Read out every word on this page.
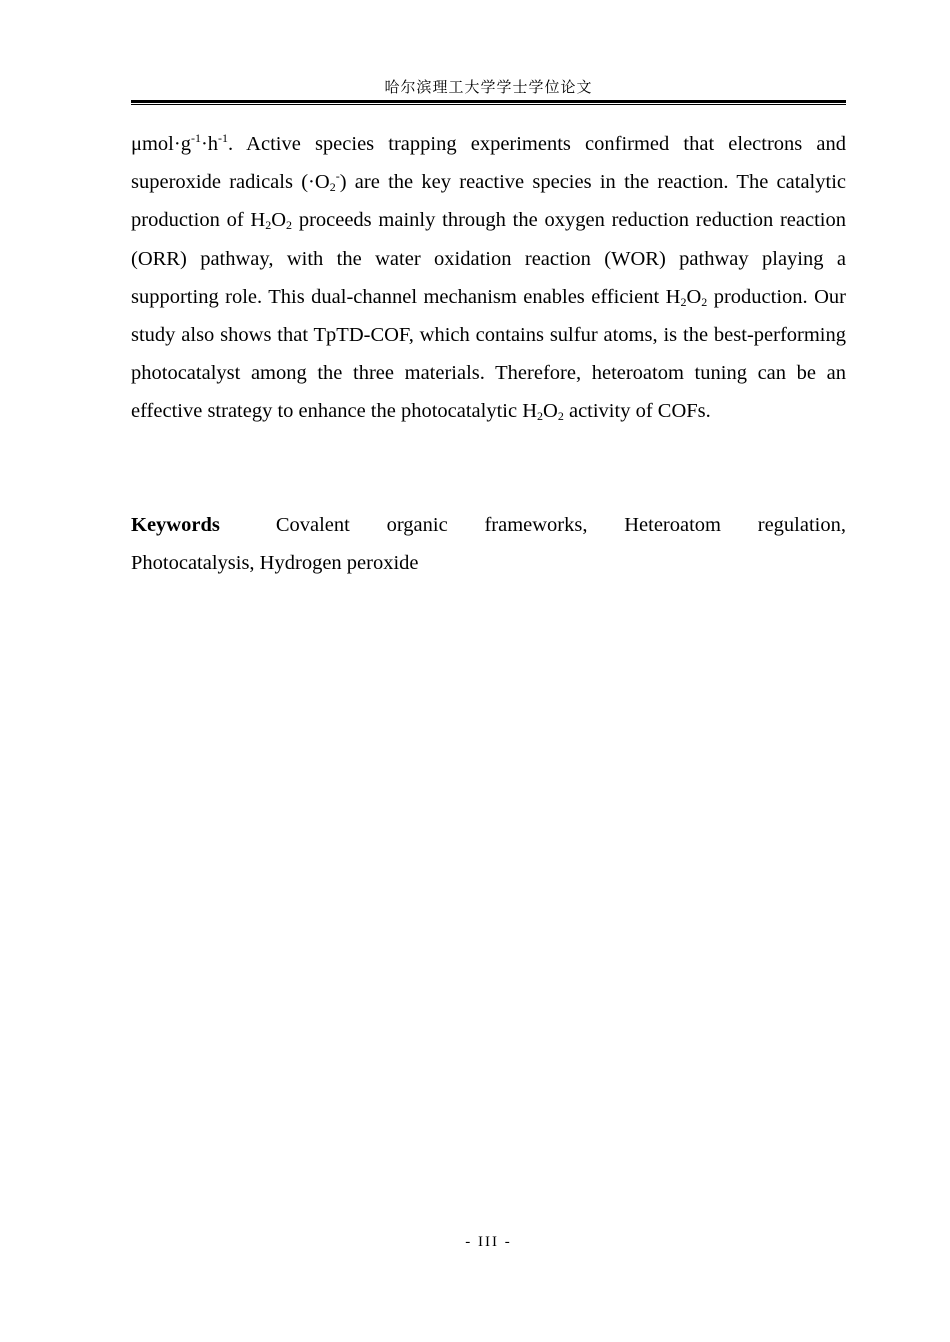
哈尔滨理工大学学士学位论文

$\mu mol\cdot g^{-1}\cdot h^{-1}$. Active species trapping experiments confirmed that electrons and superoxide radicals $(\cdot O_2^-)$ are the key reactive species in the reaction. The catalytic production of $H_2O_2$ proceeds mainly through the oxygen reduction reduction reaction (ORR) pathway, with the water oxidation reaction (WOR) pathway playing a supporting role. This dual-channel mechanism enables efficient $H_2O_2$ production. Our study also shows that TpTD-COF, which contains sulfur atoms, is the best-performing photocatalyst among the three materials. Therefore, heteroatom tuning can be an effective strategy to enhance the photocatalytic $H_2O_2$ activity of COFs.

Keywords	Covalent organic frameworks, Heteroatom regulation, Photocatalysis, Hydrogen peroxide

- III -
